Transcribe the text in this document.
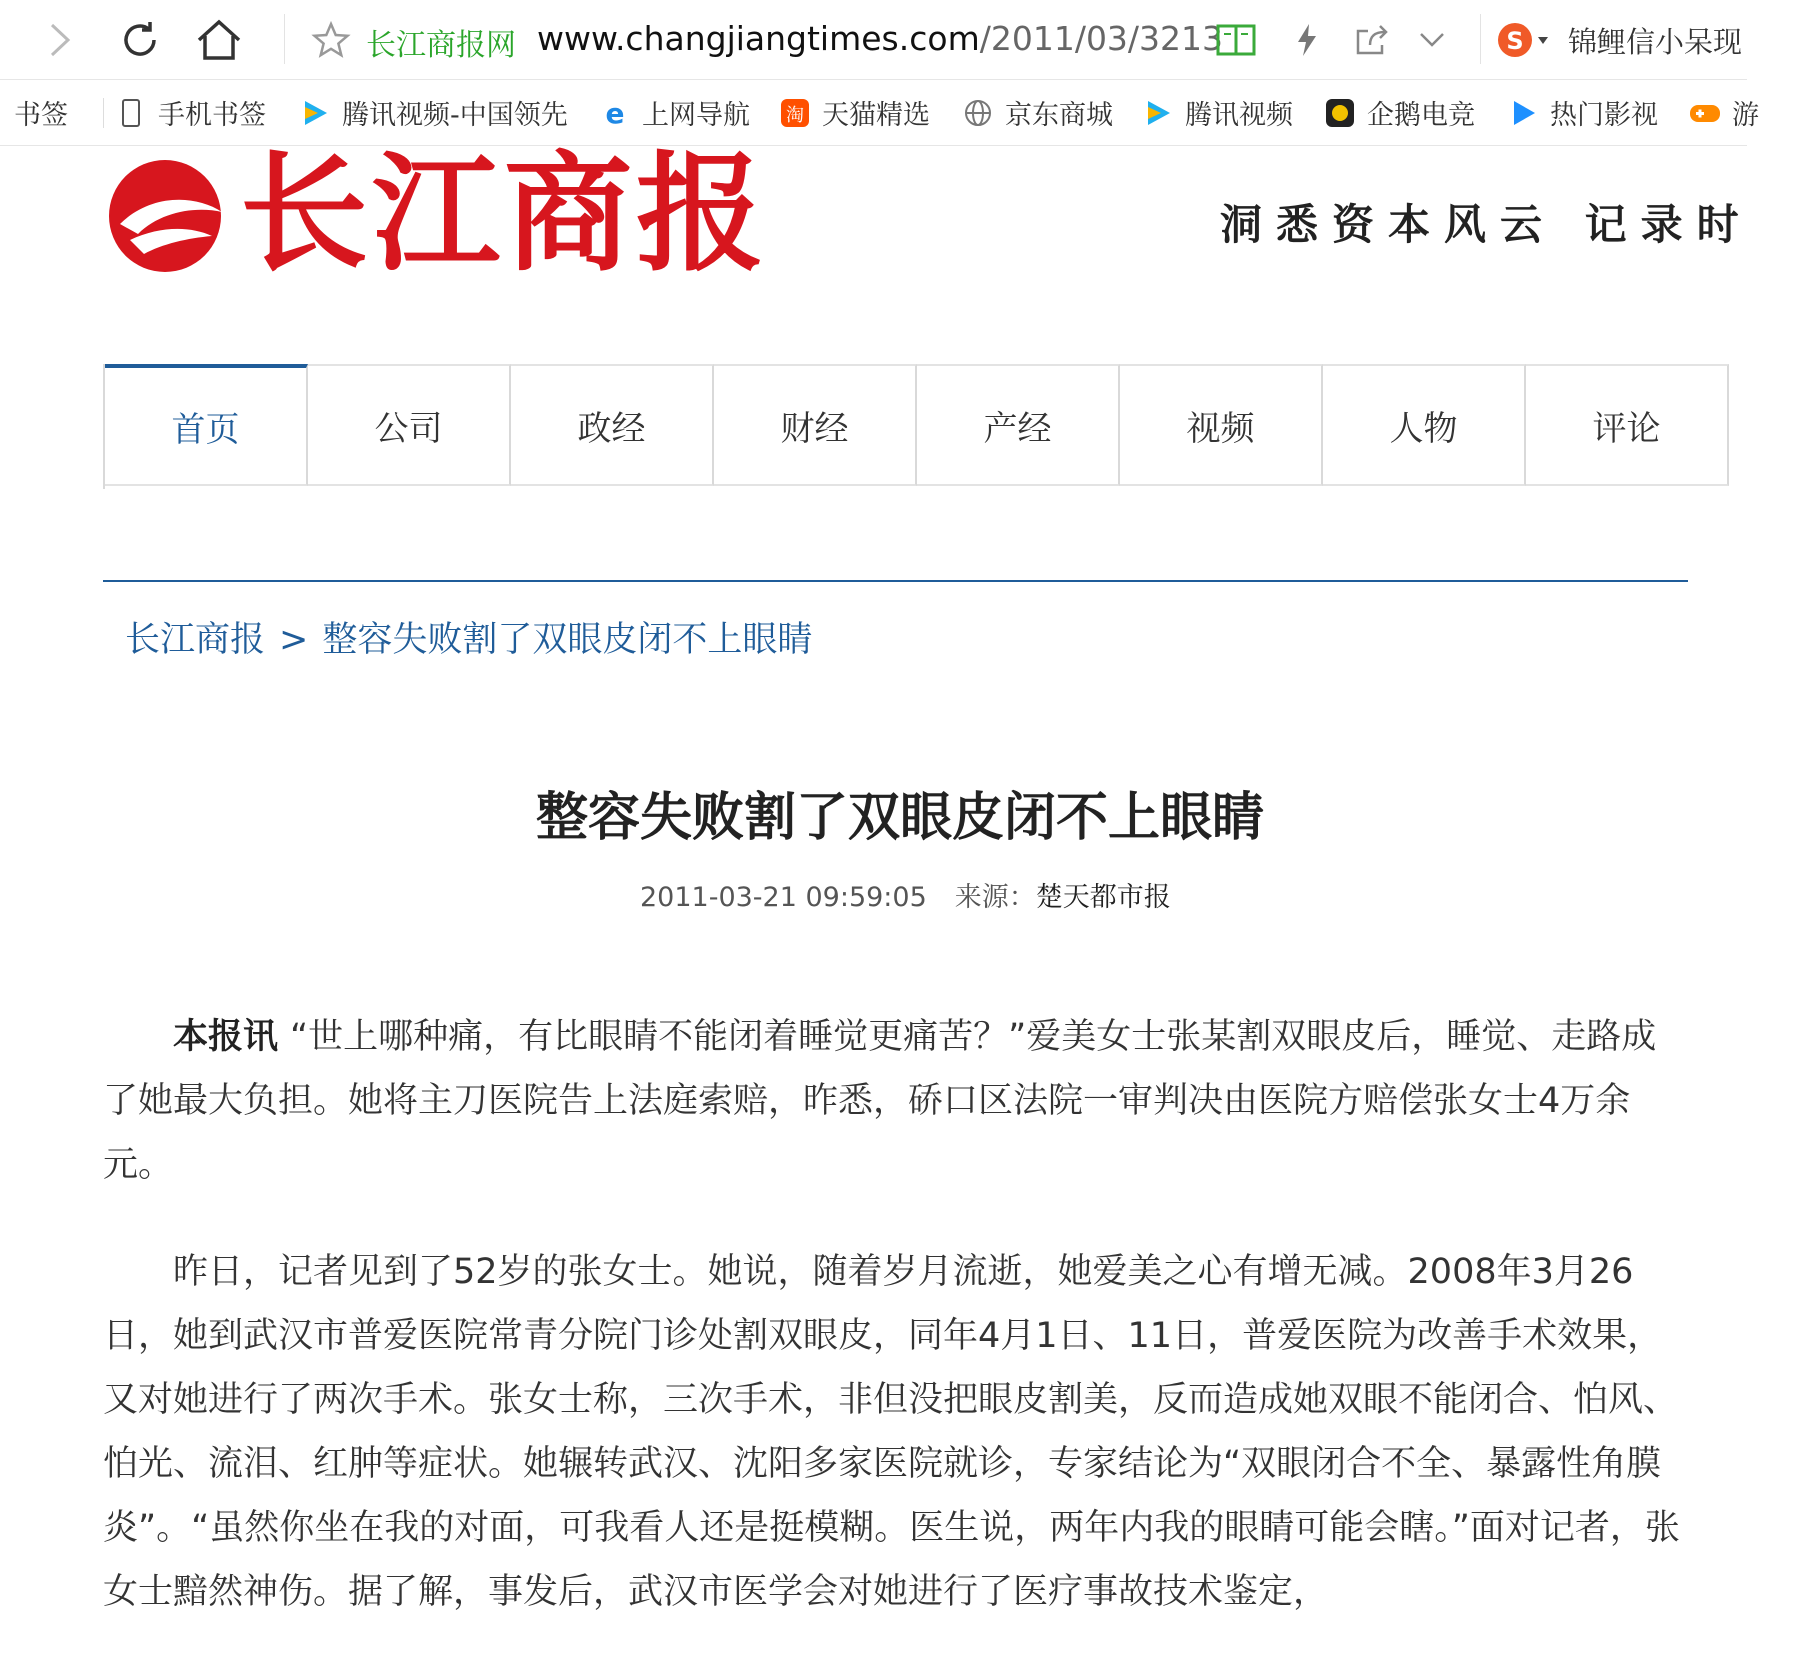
长江商报网 www.changjiangtimes.com/2011/03/3213	S 锦鲤信小呆现
书签	手机书签	腾讯视频-中国领先 e 上网导航 淘 天猫精选	京东商城	腾讯视频	企鹅电竞	热门影视	游
长江商报	洞悉资本风云 记录时
首页	公司	政经	财经	产经	视频	人物	评论
长江商报 > 整容失败割了双眼皮闭不上眼睛
整容失败割了双眼皮闭不上眼睛
2011-03-21 09:59:05 来源：楚天都市报

本报讯 “世上哪种痛，有比眼睛不能闭着睡觉更痛苦？”爱美女士张某割双眼皮后，睡觉、走路成了她最大负担。她将主刀医院告上法庭索赔，昨悉，硚口区法院一审判决由医院方赔偿张女士4万余元。

昨日，记者见到了52岁的张女士。她说，随着岁月流逝，她爱美之心有增无减。2008年3月26日，她到武汉市普爱医院常青分院门诊处割双眼皮，同年4月1日、11日，普爱医院为改善手术效果，又对她进行了两次手术。张女士称，三次手术，非但没把眼皮割美，反而造成她双眼不能闭合、怕风、怕光、流泪、红肿等症状。她辗转武汉、沈阳多家医院就诊，专家结论为“双眼闭合不全、暴露性角膜炎”。“虽然你坐在我的对面，可我看人还是挺模糊。医生说，两年内我的眼睛可能会瞎。”面对记者，张女士黯然神伤。据了解，事发后，武汉市医学会对她进行了医疗事故技术鉴定，
